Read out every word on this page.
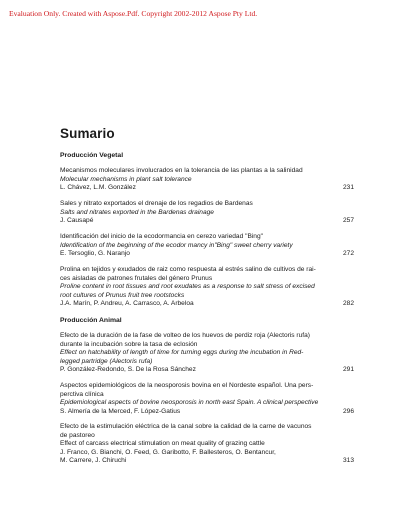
Evaluation Only. Created with Aspose.Pdf. Copyright 2002-2012 Aspose Pty Ltd.
Sumario
Producción Vegetal
Mecanismos moleculares involucrados en la tolerancia de las plantas a la salinidad
Molecular mechanisms in plant salt tolerance
L. Chávez, L.M. González	231
Sales y nitrato exportados el drenaje de los regadios de Bardenas
Salts and nitrates exported in the Bardenas drainage
J. Causapé	257
Identificación del inicio de la ecodormancia en cerezo variedad "Bing"
Identification of the beginning of the ecodor mancy in"Bing" sweet cherry variety
E. Tersoglio, G. Naranjo	272
Prolina en tejidos y exudados de raiz como respuesta al estrés salino de cultivos de rai-
ces aisladas de patrones frutales del género Prunus
Proline content in root tissues and root exudates as a response to salt stress of excised
root cultures of Prunus fruit tree rootstocks
J.A. Marín, P. Andreu, A. Carrasco, A. Arbeloa	282
Producción Animal
Efecto de la duración de la fase de volteo de los huevos de perdiz roja (Alectoris rufa)
durante la incubación sobre la tasa de eclosión
Effect on hatchability of length of time for turning eggs during the incubation in Red-
legged partridge (Alectoris rufa)
P. González-Redondo, S. De la Rosa Sánchez	291
Aspectos epidemiológicos de la neosporosis bovina en el Nordeste español. Una pers-
perctiva clínica
Epidemiological aspects of bovine neosporosis in north east Spain. A clinical perspective
S. Almería de la Merced, F. López-Gatius	296
Efecto de la estimulación eléctrica de la canal sobre la calidad de la carne de vacunos
de pastoreo
Effect of carcass electrical stimulation on meat quality of grazing cattle
J. Franco, G. Bianchi, O. Feed, G. Garibotto, F. Ballesteros, O. Bentancur,
M. Carrere, J. Chiruchi	313
